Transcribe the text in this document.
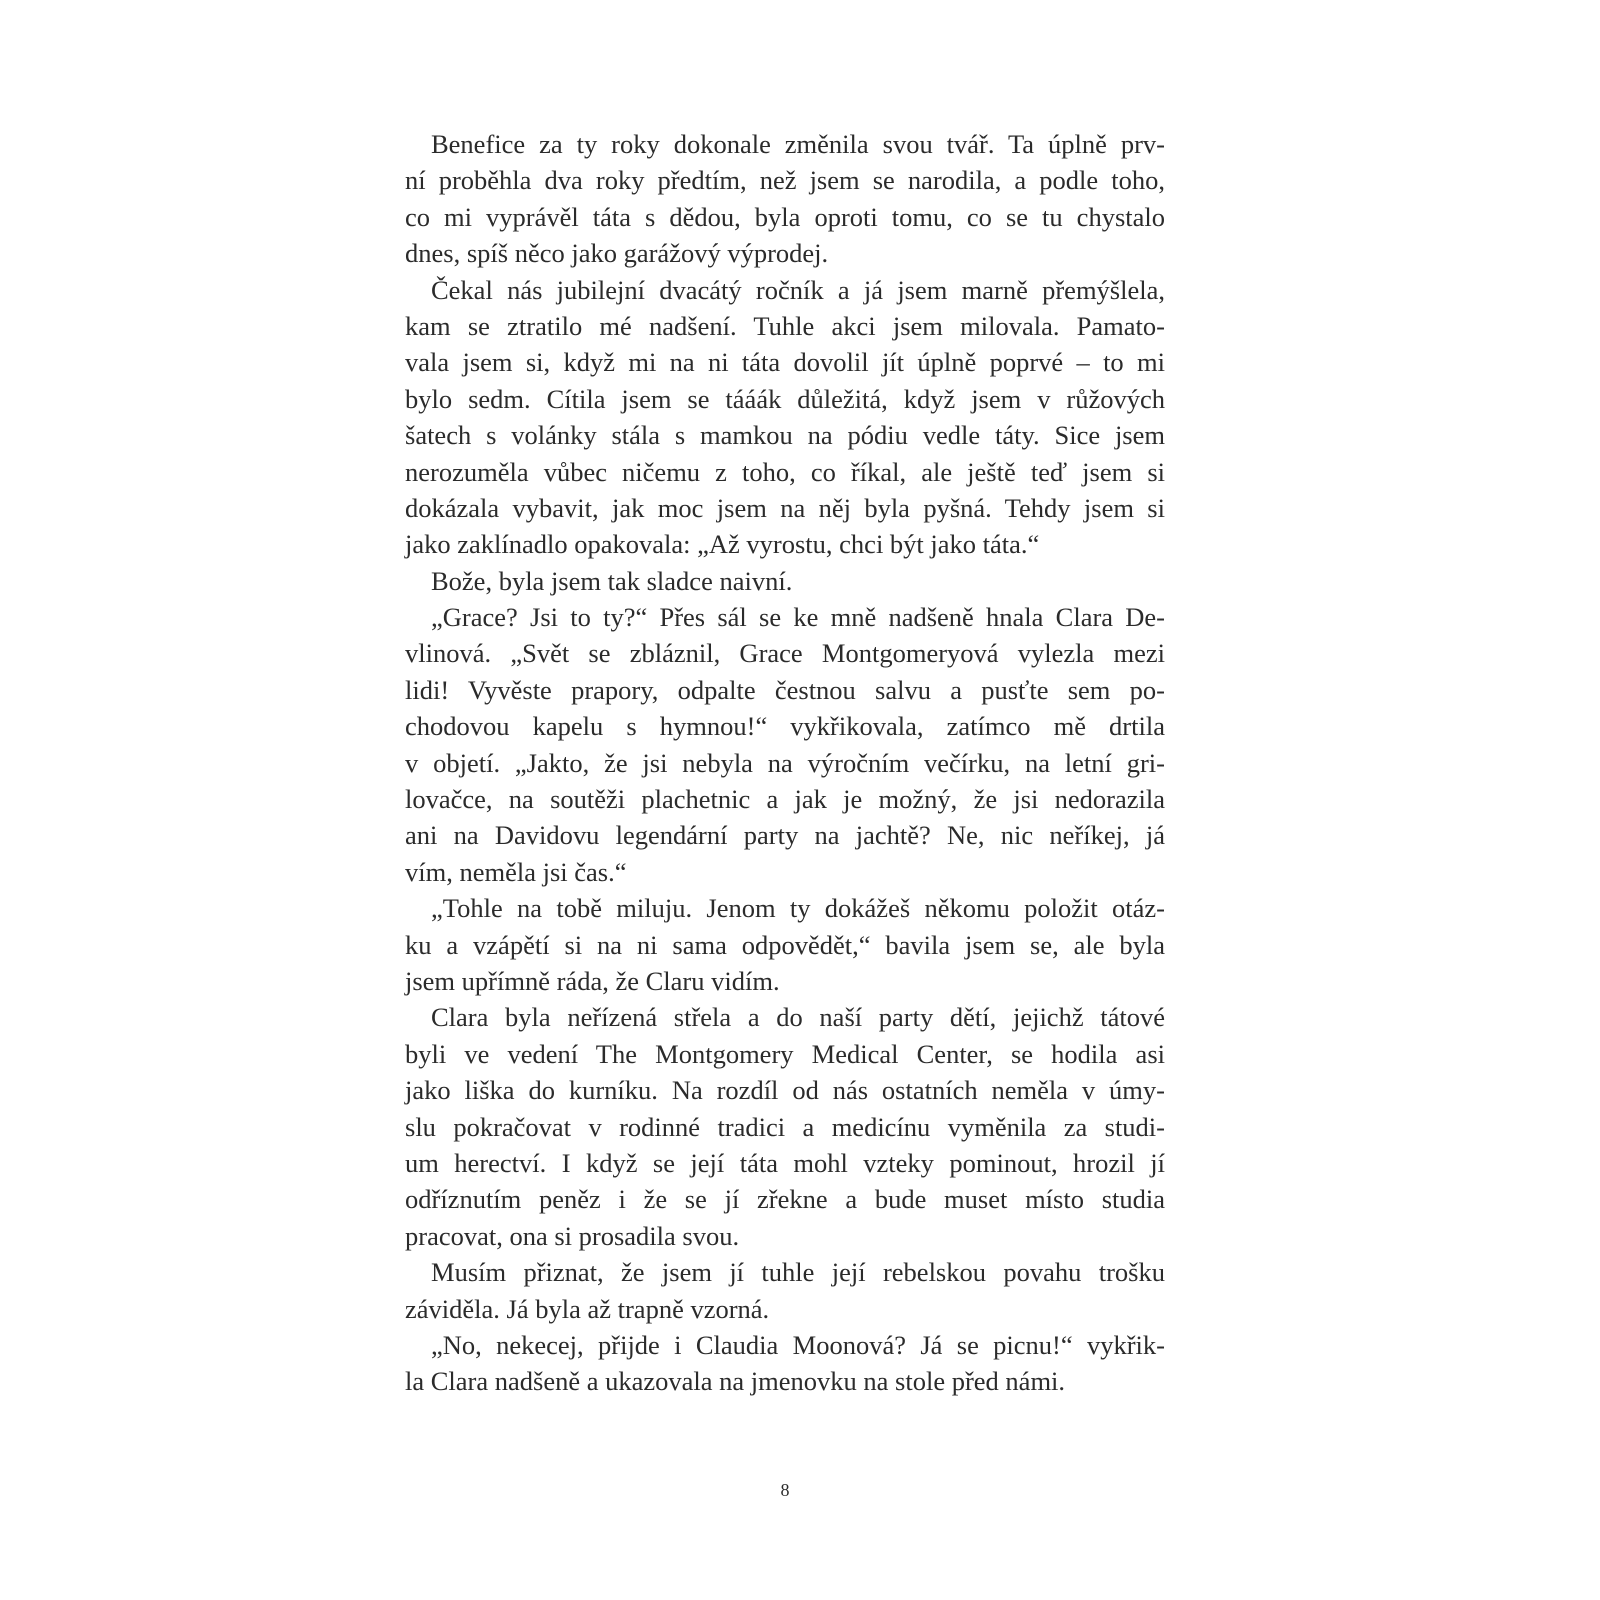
Benefice za ty roky dokonale změnila svou tvář. Ta úplně prv-
ní proběhla dva roky předtím, než jsem se narodila, a podle toho,
co mi vyprávěl táta s dědou, byla oproti tomu, co se tu chystalo
dnes, spíš něco jako garážový výprodej.
Čekal nás jubilejní dvacátý ročník a já jsem marně přemýšlela,
kam se ztratilo mé nadšení. Tuhle akci jsem milovala. Pamato-
vala jsem si, když mi na ni táta dovolil jít úplně poprvé – to mi
bylo sedm. Cítila jsem se tááák důležitá, když jsem v růžových
šatech s volánky stála s mamkou na pódiu vedle táty. Sice jsem
nerozuměla vůbec ničemu z toho, co říkal, ale ještě teď jsem si
dokázala vybavit, jak moc jsem na něj byla pyšná. Tehdy jsem si
jako zaklínadlo opakovala: „Až vyrostu, chci být jako táta.“
Bože, byla jsem tak sladce naivní.
„Grace? Jsi to ty?“ Přes sál se ke mně nadšeně hnala Clara De-
vlinová. „Svět se zbláznil, Grace Montgomeryová vylezla mezi
lidi! Vyvěste prapory, odpalte čestnou salvu a pusťte sem po-
chodovou kapelu s hymnou!“ vykřikovala, zatímco mě drtila
v objetí. „Jakto, že jsi nebyla na výročním večírku, na letní gri-
lovačce, na soutěži plachetnic a jak je možný, že jsi nedorazila
ani na Davidovu legendární party na jachtě? Ne, nic neříkej, já
vím, neměla jsi čas.“
„Tohle na tobě miluju. Jenom ty dokážeš někomu položit otáz-
ku a vzápětí si na ni sama odpovědět,“ bavila jsem se, ale byla
jsem upřímně ráda, že Claru vidím.
Clara byla neřízená střela a do naší party dětí, jejichž tátové
byli ve vedení The Montgomery Medical Center, se hodila asi
jako liška do kurníku. Na rozdíl od nás ostatních neměla v úmy-
slu pokračovat v rodinné tradici a medicínu vyměnila za studi-
um herectví. I když se její táta mohl vzteky pominout, hrozil jí
odříznutím peněz i že se jí zřekne a bude muset místo studia
pracovat, ona si prosadila svou.
Musím přiznat, že jsem jí tuhle její rebelskou povahu trošku
záviděla. Já byla až trapně vzorná.
„No, nekecej, přijde i Claudia Moonová? Já se picnu!“ vykřik-
la Clara nadšeně a ukazovala na jmenovku na stole před námi.
8
